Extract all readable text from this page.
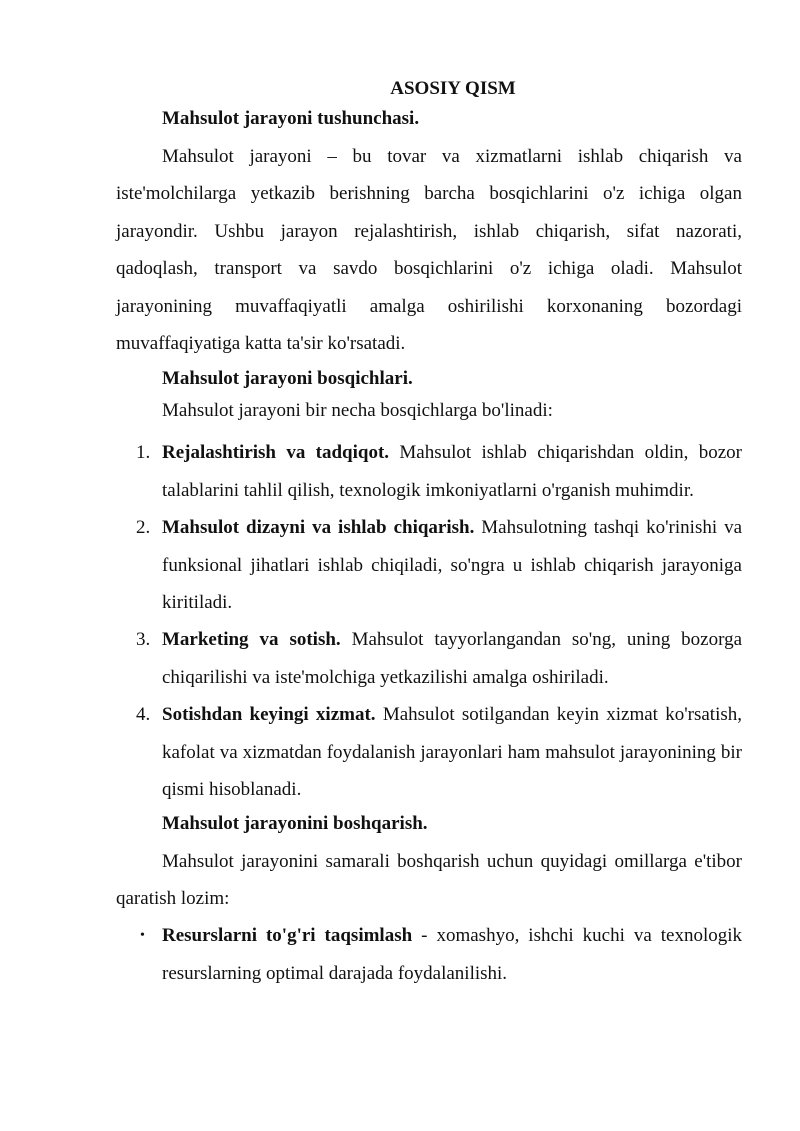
ASOSIY QISM
Mahsulot jarayoni tushunchasi.

Mahsulot jarayoni – bu tovar va xizmatlarni ishlab chiqarish va iste'molchilarga yetkazib berishning barcha bosqichlarini o'z ichiga olgan jarayondir. Ushbu jarayon rejalashtirish, ishlab chiqarish, sifat nazorati, qadoqlash, transport va savdo bosqichlarini o'z ichiga oladi. Mahsulot jarayonining muvaffaqiyatli amalga oshirilishi korxonaning bozordagi muvaffaqiyatiga katta ta'sir ko'rsatadi.

Mahsulot jarayoni bosqichlari.

Mahsulot jarayoni bir necha bosqichlarga bo'linadi:

1. Rejalashtirish va tadqiqot. Mahsulot ishlab chiqarishdan oldin, bozor talablarini tahlil qilish, texnologik imkoniyatlarni o'rganish muhimdir.
2. Mahsulot dizayni va ishlab chiqarish. Mahsulotning tashqi ko'rinishi va funksional jihatlari ishlab chiqiladi, so'ngra u ishlab chiqarish jarayoniga kiritiladi.
3. Marketing va sotish. Mahsulot tayyorlangandan so'ng, uning bozorga chiqarilishi va iste'molchiga yetkazilishi amalga oshiriladi.
4. Sotishdan keyingi xizmat. Mahsulot sotilgandan keyin xizmat ko'rsatish, kafolat va xizmatdan foydalanish jarayonlari ham mahsulot jarayonining bir qismi hisoblanadi.
Mahsulot jarayonini boshqarish.

Mahsulot jarayonini samarali boshqarish uchun quyidagi omillarga e'tibor qaratish lozim:

• Resurslarni to'g'ri taqsimlash - xomashyo, ishchi kuchi va texnologik resurslarning optimal darajada foydalanilishi.
